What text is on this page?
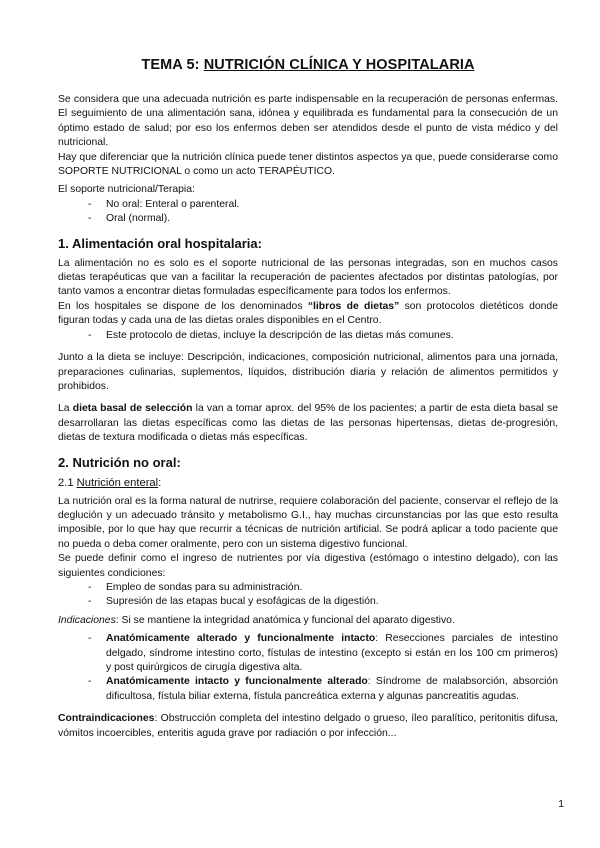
TEMA 5: NUTRICIÓN CLÍNICA Y HOSPITALARIA

Se considera que una adecuada nutrición es parte indispensable en la recuperación de personas enfermas. El seguimiento de una alimentación sana, idónea y equilibrada es fundamental para la consecución de un óptimo estado de salud; por eso los enfermos deben ser atendidos desde el punto de vista médico y del nutricional.

Hay que diferenciar que la nutrición clínica puede tener distintos aspectos ya que, puede considerarse como SOPORTE NUTRICIONAL o como un acto TERAPÉUTICO.

El soporte nutricional/Terapia:

- No oral: Enteral o parenteral.
- Oral (normal).
1. Alimentación oral hospitalaria:

La alimentación no es solo es el soporte nutricional de las personas integradas, son en muchos casos dietas terapéuticas que van a facilitar la recuperación de pacientes afectados por distintas patologías, por tanto vamos a encontrar dietas formuladas específicamente para todos los enfermos.

En los hospitales se dispone de los denominados “libros de dietas” son protocolos dietéticos donde figuran todas y cada una de las dietas orales disponibles en el Centro.

- Este protocolo de dietas, incluye la descripción de las dietas más comunes.

Junto a la dieta se incluye: Descripción, indicaciones, composición nutricional, alimentos para una jornada, preparaciones culinarias, suplementos, líquidos, distribución diaria y relación de alimentos permitidos y prohibidos.

La dieta basal de selección la van a tomar aprox. del 95% de los pacientes; a partir de esta dieta basal se desarrollaran las dietas específicas como las dietas de las personas hipertensas, dietas de-progresión, dietas de textura modificada o dietas más específicas.

2. Nutrición no oral:
2.1 Nutrición enteral:

La nutrición oral es la forma natural de nutrirse, requiere colaboración del paciente, conservar el reflejo de la deglución y un adecuado tránsito y metabolismo G.I., hay muchas circunstancias por las que esto resulta imposible, por lo que hay que recurrir a técnicas de nutrición artificial. Se podrá aplicar a todo paciente que no pueda o deba comer oralmente, pero con un sistema digestivo funcional.

Se puede definir como el ingreso de nutrientes por vía digestiva (estómago o intestino delgado), con las siguientes condiciones:

- Empleo de sondas para su administración.
- Supresión de las etapas bucal y esofágicas de la digestión.

Indicaciones: Si se mantiene la integridad anatómica y funcional del aparato digestivo.

- Anatómicamente alterado y funcionalmente intacto: Resecciones parciales de intestino delgado, síndrome intestino corto, fístulas de intestino (excepto si están en los 100 cm primeros) y post quirúrgicos de cirugía digestiva alta.
- Anatómicamente intacto y funcionalmente alterado: Síndrome de malabsorción, absorción dificultosa, fístula biliar externa, fístula pancreática externa y algunas pancreatitis agudas.

Contraindicaciones: Obstrucción completa del intestino delgado o grueso, íleo paralítico, peritonitis difusa, vómitos incoercibles, enteritis aguda grave por radiación o por infección...

1
